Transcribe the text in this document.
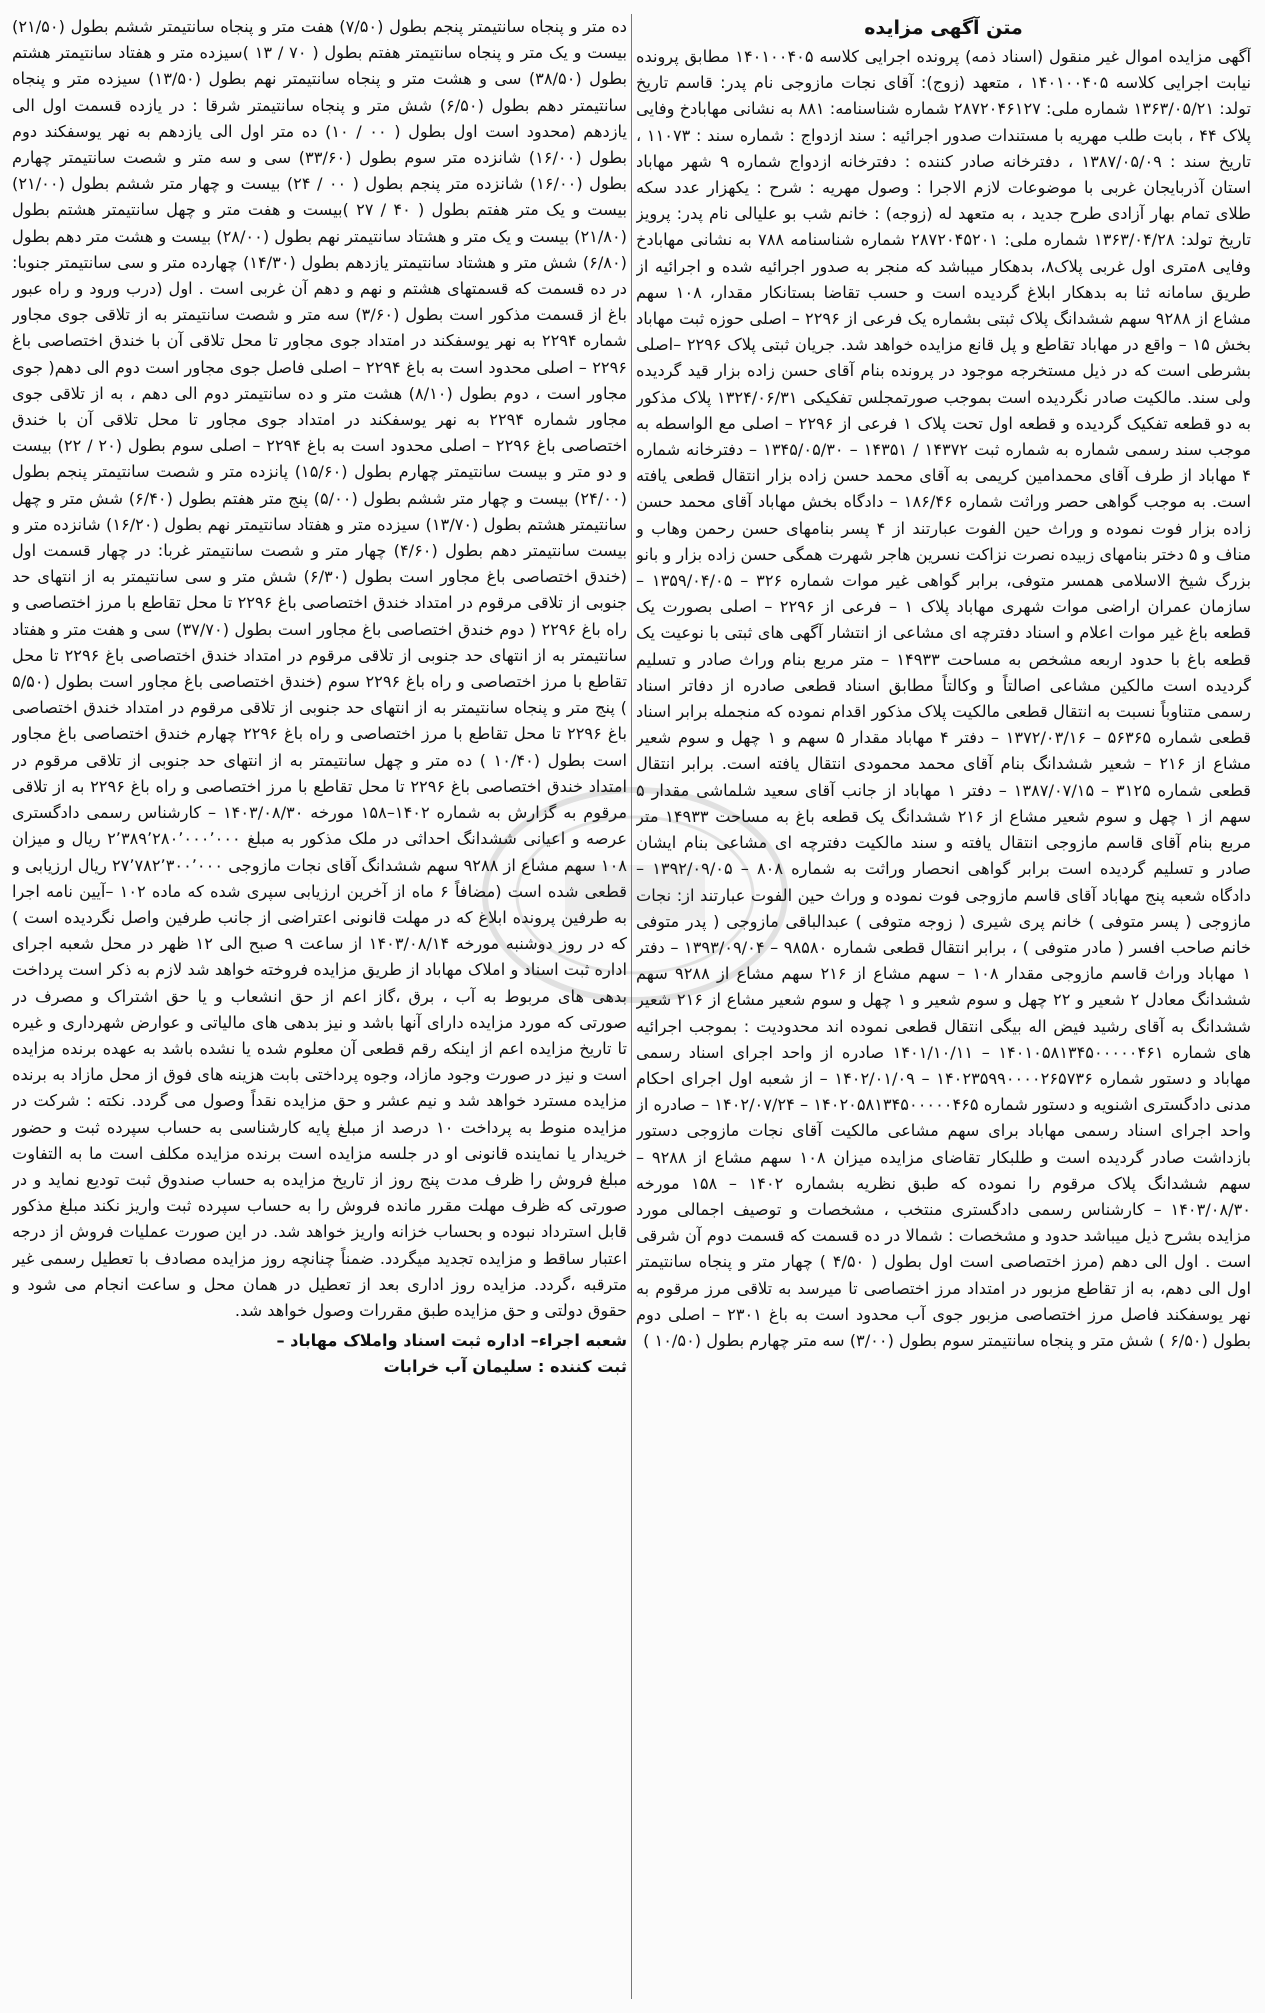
متن آگهی مزایده

آگهی مزایده اموال غیر منقول (اسناد ذمه) پرونده اجرایی کلاسه ۱۴۰۱۰۰۴۰۵ مطابق پرونده نیابت اجرایی کلاسه ۱۴۰۱۰۰۴۰۵ ، متعهد (زوج): آقای نجات مازوجی نام پدر: قاسم تاریخ تولد: ۱۳۶۳/۰۵/۲۱ شماره ملی: ۲۸۷۲۰۴۶۱۲۷ شماره شناسنامه: ۸۸۱ به نشانی مهابادخ وفایی پلاک ۴۴ ، بابت طلب مهریه با مستندات صدور اجرائیه : سند ازدواج : شماره سند : ۱۱۰۷۳ ، تاریخ سند : ۱۳۸۷/۰۵/۰۹ ، دفترخانه صادر کننده : دفترخانه ازدواج شماره ۹ شهر مهاباد استان آذربایجان غربی با موضوعات لازم الاجرا : وصول مهریه : شرح : یکهزار عدد سکه طلای تمام بهار آزادی طرح جدید ، به متعهد له (زوجه) : خانم شب بو علیالی نام پدر: پرویز تاریخ تولد: ۱۳۶۳/۰۴/۲۸ شماره ملی: ۲۸۷۲۰۴۵۲۰۱ شماره شناسنامه ۷۸۸ به نشانی مهابادخ وفایی ۸متری اول غربی پلاک۸، بدهکار میباشد که منجر به صدور اجرائیه شده و اجرائیه از طریق سامانه ثنا به بدهکار ابلاغ گردیده است و حسب تقاضا بستانکار مقدار، ۱۰۸ سهم مشاع از ۹۲۸۸ سهم ششدانگ پلاک ثبتی بشماره یک فرعی از ۲۲۹۶ – اصلی حوزه ثبت مهاباد بخش ۱۵ – واقع در مهاباد تقاطع و پل قانع مزایده خواهد شد. جریان ثبتی پلاک ۲۲۹۶ –اصلی بشرطی است که در ذیل مستخرجه موجود در پرونده بنام آقای حسن زاده بزار قید گردیده ولی سند. مالکیت صادر نگردیده است بموجب صورتمجلس تفکیکی ۱۳۲۴/۰۶/۳۱ پلاک مذکور به دو قطعه تفکیک گردیده و قطعه اول تحت پلاک ۱ فرعی از ۲۲۹۶ – اصلی مع الواسطه به موجب سند رسمی شماره به شماره ثبت ۱۴۳۷۲ / ۱۴۳۵۱ – ۱۳۴۵/۰۵/۳۰ – دفترخانه شماره ۴ مهاباد از طرف آقای محمدامین کریمی به آقای محمد حسن زاده بزار انتقال قطعی یافته است. به موجب گواهی حصر وراثت شماره ۱۸۶/۴۶ – دادگاه بخش مهاباد آقای محمد حسن زاده بزار فوت نموده و وراث حین الفوت عبارتند از ۴ پسر بنامهای حسن رحمن وهاب و مناف و ۵ دختر بنامهای زبیده نصرت نزاکت نسرین هاجر شهرت همگی حسن زاده بزار و بانو بزرگ شیخ الاسلامی همسر متوفی، برابر گواهی غیر موات شماره ۳۲۶ – ۱۳۵۹/۰۴/۰۵ – سازمان عمران اراضی موات شهری مهاباد پلاک ۱ – فرعی از ۲۲۹۶ – اصلی بصورت یک قطعه باغ غیر موات اعلام و اسناد دفترچه ای مشاعی از انتشار آگهی های ثبتی با نوعیت یک قطعه باغ با حدود اربعه مشخص به مساحت ۱۴۹۳۳ – متر مربع بنام وراث صادر و تسلیم گردیده است مالکین مشاعی اصالتاً و وکالتاً مطابق اسناد قطعی صادره از دفاتر اسناد رسمی متناوباً نسبت به انتقال قطعی مالکیت پلاک مذکور اقدام نموده که منجمله برابر اسناد قطعی شماره ۵۶۳۶۵ – ۱۳۷۲/۰۳/۱۶ – دفتر ۴ مهاباد مقدار ۵ سهم و ۱ چهل و سوم شعیر مشاع از ۲۱۶ – شعیر ششدانگ بنام آقای محمد محمودی انتقال یافته است. برابر انتقال قطعی شماره ۳۱۲۵ – ۱۳۸۷/۰۷/۱۵ – دفتر ۱ مهاباد از جانب آقای سعید شلماشی مقدار ۵ سهم از ۱ چهل و سوم شعیر مشاع از ۲۱۶ ششدانگ یک قطعه باغ به مساحت ۱۴۹۳۳ متر مربع بنام آقای قاسم مازوجی انتقال یافته و سند مالکیت دفترچه ای مشاعی بنام ایشان صادر و تسلیم گردیده است برابر گواهی انحصار وراثت به شماره ۸۰۸ – ۱۳۹۲/۰۹/۰۵ – دادگاه شعبه پنج مهاباد آقای قاسم مازوجی فوت نموده و وراث حین الفوت عبارتند از: نجات مازوجی ( پسر متوفی ) خانم پری شیری ( زوجه متوفی ) عبدالباقی مازوجی ( پدر متوفی خانم صاحب افسر ( مادر متوفی ) ، برابر انتقال قطعی شماره ۹۸۵۸۰ – ۱۳۹۳/۰۹/۰۴ – دفتر ۱ مهاباد وراث قاسم مازوجی مقدار ۱۰۸ – سهم مشاع از ۲۱۶ سهم مشاع از ۹۲۸۸ سهم ششدانگ معادل ۲ شعیر و ۲۲ چهل و سوم شعیر و ۱ چهل و سوم شعیر مشاع از ۲۱۶ شعیر ششدانگ به آقای رشید فیض اله بیگی انتقال قطعی نموده اند محدودیت : بموجب اجرائیه های شماره ۱۴۰۱۰۵۸۱۳۴۵۰۰۰۰۰۴۶۱ – ۱۴۰۱/۱۰/۱۱ صادره از واحد اجرای اسناد رسمی مهاباد و دستور شماره ۱۴۰۲۳۵۹۹۰۰۰۰۲۶۵۷۳۶ – ۱۴۰۲/۰۱/۰۹ – از شعبه اول اجرای احکام مدنی دادگستری اشنویه و دستور شماره ۱۴۰۲۰۵۸۱۳۴۵۰۰۰۰۰۴۶۵ – ۱۴۰۲/۰۷/۲۴ – صادره از واحد اجرای اسناد رسمی مهاباد برای سهم مشاعی مالکیت آقای نجات مازوجی دستور بازداشت صادر گردیده است و طلبکار تقاضای مزایده میزان ۱۰۸ سهم مشاع از ۹۲۸۸ – سهم ششدانگ پلاک مرقوم را نموده که طبق نظریه بشماره ۱۴۰۲ – ۱۵۸ مورخه ۱۴۰۳/۰۸/۳۰ – کارشناس رسمی دادگستری منتخب ، مشخصات و توصیف اجمالی مورد مزایده بشرح ذیل میباشد حدود و مشخصات : شمالا در ده قسمت که قسمت دوم آن شرقی است . اول الی دهم (مرز اختصاصی است اول بطول ( ۴/۵۰ ) چهار متر و پنجاه سانتیمتر اول الی دهم، به از تقاطع مزبور در امتداد مرز اختصاصی تا میرسد به تلاقی مرز مرقوم به نهر یوسفکند فاصل مرز اختصاصی مزبور جوی آب محدود است به باغ ۲۳۰۱ – اصلی دوم بطول (۶/۵۰ ) شش متر و پنجاه سانتیمتر سوم بطول (۳/۰۰) سه متر چهارم بطول (۱۰/۵۰ )

ده متر و پنجاه سانتیمتر پنجم بطول (۷/۵۰) هفت متر و پنجاه سانتیمتر ششم بطول (۲۱/۵۰) بیست و یک متر و پنجاه سانتیمتر هفتم بطول ( ۷۰ / ۱۳ )سیزده متر و هفتاد سانتیمتر هشتم بطول (۳۸/۵۰) سی و هشت متر و پنجاه سانتیمتر نهم بطول (۱۳/۵۰) سیزده متر و پنجاه سانتیمتر دهم بطول (۶/۵۰) شش متر و پنجاه سانتیمتر شرقا : در یازده قسمت اول الی یازدهم (محدود است اول بطول ( ۰۰ / ۱۰) ده متر اول الی یازدهم به نهر یوسفکند دوم بطول (۱۶/۰۰) شانزده متر سوم بطول (۳۳/۶۰) سی و سه متر و شصت سانتیمتر چهارم بطول (۱۶/۰۰) شانزده متر پنجم بطول ( ۰۰ / ۲۴) بیست و چهار متر ششم بطول (۲۱/۰۰) بیست و یک متر هفتم بطول ( ۴۰ / ۲۷ )بیست و هفت متر و چهل سانتیمتر هشتم بطول (۲۱/۸۰) بیست و یک متر و هشتاد سانتیمتر نهم بطول (۲۸/۰۰) بیست و هشت متر دهم بطول (۶/۸۰) شش متر و هشتاد سانتیمتر یازدهم بطول (۱۴/۳۰) چهارده متر و سی سانتیمتر جنوبا: در ده قسمت که قسمتهای هشتم و نهم و دهم آن غربی است . اول (درب ورود و راه عبور باغ از قسمت مذکور است بطول (۳/۶۰) سه متر و شصت سانتیمتر به از تلاقی جوی مجاور شماره ۲۲۹۴ به نهر یوسفکند در امتداد جوی مجاور تا محل تلاقی آن با خندق اختصاصی باغ ۲۲۹۶ – اصلی محدود است به باغ ۲۲۹۴ – اصلی فاصل جوی مجاور است دوم الی دهم( جوی مجاور است ، دوم بطول (۸/۱۰) هشت متر و ده سانتیمتر دوم الی دهم ، به از تلاقی جوی مجاور شماره ۲۲۹۴ به نهر یوسفکند در امتداد جوی مجاور تا محل تلاقی آن با خندق اختصاصی باغ ۲۲۹۶ – اصلی محدود است به باغ ۲۲۹۴ – اصلی سوم بطول (۲۰ / ۲۲) بیست و دو متر و بیست سانتیمتر چهارم بطول (۱۵/۶۰) پانزده متر و شصت سانتیمتر پنجم بطول (۲۴/۰۰) بیست و چهار متر ششم بطول (۵/۰۰) پنج متر هفتم بطول (۶/۴۰) شش متر و چهل سانتیمتر هشتم بطول (۱۳/۷۰) سیزده متر و هفتاد سانتیمتر نهم بطول (۱۶/۲۰) شانزده متر و بیست سانتیمتر دهم بطول (۴/۶۰) چهار متر و شصت سانتیمتر غربا: در چهار قسمت اول (خندق اختصاصی باغ مجاور است بطول (۶/۳۰) شش متر و سی سانتیمتر به از انتهای حد جنوبی از تلاقی مرقوم در امتداد خندق اختصاصی باغ ۲۲۹۶ تا محل تقاطع با مرز اختصاصی و راه باغ ۲۲۹۶ ( دوم خندق اختصاصی باغ مجاور است بطول (۳۷/۷۰) سی و هفت متر و هفتاد سانتیمتر به از انتهای حد جنوبی از تلاقی مرقوم در امتداد خندق اختصاصی باغ ۲۲۹۶ تا محل تقاطع با مرز اختصاصی و راه باغ ۲۲۹۶ سوم (خندق اختصاصی باغ مجاور است بطول (۵/۵۰ ) پنج متر و پنجاه سانتیمتر به از انتهای حد جنوبی از تلاقی مرقوم در امتداد خندق اختصاصی باغ ۲۲۹۶ تا محل تقاطع با مرز اختصاصی و راه باغ ۲۲۹۶ چهارم خندق اختصاصی باغ مجاور است بطول (۱۰/۴۰ ) ده متر و چهل سانتیمتر به از انتهای حد جنوبی از تلاقی مرقوم در امتداد خندق اختصاصی باغ ۲۲۹۶ تا محل تقاطع با مرز اختصاصی و راه باغ ۲۲۹۶ به از تلاقی مرقوم به گزارش به شماره ۱۴۰۲–۱۵۸ مورخه ۱۴۰۳/۰۸/۳۰ – کارشناس رسمی دادگستری عرصه و اعیانی ششدانگ احداثی در ملک مذکور به مبلغ ۲٬۳۸۹٬۲۸۰٬۰۰۰٬۰۰۰ ریال و میزان ۱۰۸ سهم مشاع از ۹۲۸۸ سهم ششدانگ آقای نجات مازوجی ۲۷٬۷۸۲٬۳۰۰٬۰۰۰ ریال ارزیابی و قطعی شده است (مضافاً ۶ ماه از آخرین ارزیابی سپری شده که ماده ۱۰۲ –آیین نامه اجرا به طرفین پرونده ابلاغ که در مهلت قانونی اعتراضی از جانب طرفین واصل نگردیده است ) که در روز دوشنبه مورخه ۱۴۰۳/۰۸/۱۴ از ساعت ۹ صبح الی ۱۲ ظهر در محل شعبه اجرای اداره ثبت اسناد و املاک مهاباد از طریق مزایده فروخته خواهد شد لازم به ذکر است پرداخت بدهی های مربوط به آب ، برق ،گاز اعم از حق انشعاب و یا حق اشتراک و مصرف در صورتی که مورد مزایده دارای آنها باشد و نیز بدهی های مالیاتی و عوارض شهرداری و غیره تا تاریخ مزایده اعم از اینکه رقم قطعی آن معلوم شده یا نشده باشد به عهده برنده مزایده است و نیز در صورت وجود مازاد، وجوه پرداختی بابت هزینه های فوق از محل مازاد به برنده مزایده مسترد خواهد شد و نیم عشر و حق مزایده نقداً وصول می گردد. نکته : شرکت در مزایده منوط به پرداخت ۱۰ درصد از مبلغ پایه کارشناسی به حساب سپرده ثبت و حضور خریدار یا نماینده قانونی او در جلسه مزایده است برنده مزایده مکلف است ما به التفاوت مبلغ فروش را ظرف مدت پنج روز از تاریخ مزایده به حساب صندوق ثبت تودیع نماید و در صورتی که ظرف مهلت مقرر مانده فروش را به حساب سپرده ثبت واریز نکند مبلغ مذکور قابل استرداد نبوده و بحساب خزانه واریز خواهد شد. در این صورت عملیات فروش از درجه اعتبار ساقط و مزایده تجدید میگردد. ضمناً چنانچه روز مزایده مصادف با تعطیل رسمی غیر مترقبه ،گردد. مزایده روز اداری بعد از تعطیل در همان محل و ساعت انجام می شود و حقوق دولتی و حق مزایده طبق مقررات وصول خواهد شد.

شعبه اجراء– اداره ثبت اسناد واملاک مهاباد –
ثبت کننده : سلیمان آب خرابات
